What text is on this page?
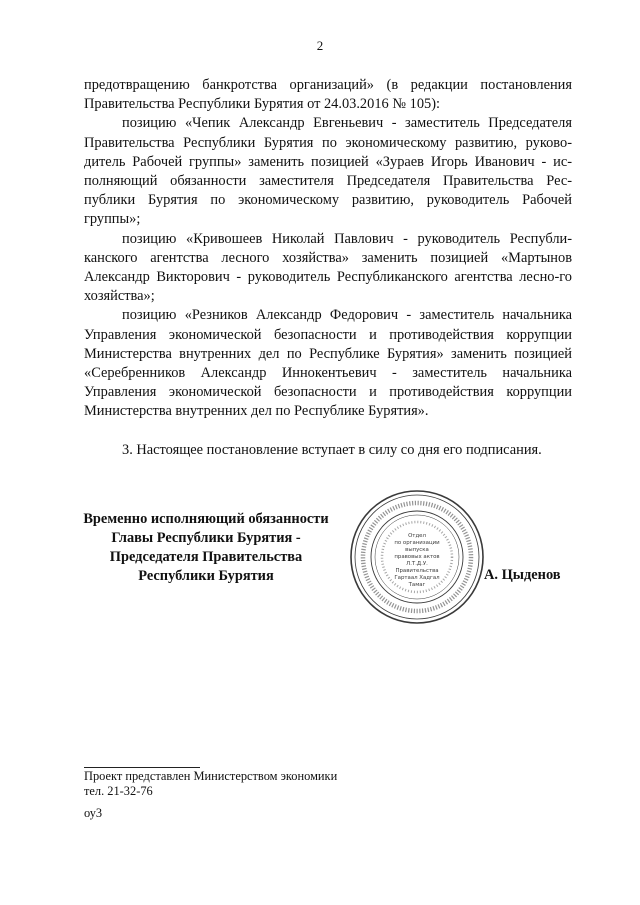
2

предотвращению банкротства организаций» (в редакции постановления Правительства Республики Бурятия от 24.03.2016 № 105):

позицию «Чепик Александр Евгеньевич - заместитель Председателя Правительства Республики Бурятия по экономическому развитию, руково-дитель Рабочей группы» заменить позицией «Зураев Игорь Иванович - ис-полняющий обязанности заместителя Председателя Правительства Рес-публики Бурятия по экономическому развитию, руководитель Рабочей группы»;

позицию «Кривошеев Николай Павлович - руководитель Республи-канского агентства лесного хозяйства» заменить позицией «Мартынов Александр Викторович - руководитель Республиканского агентства лесно-го хозяйства»;

позицию «Резников Александр Федорович - заместитель начальника Управления экономической безопасности и противодействия коррупции Министерства внутренних дел по Республике Бурятия» заменить позицией «Серебренников Александр Иннокентьевич - заместитель начальника Управления экономической безопасности и противодействия коррупции Министерства внутренних дел по Республике Бурятия».

3. Настоящее постановление вступает в силу со дня его подписания.

Временно исполняющий обязанности
Главы Республики Бурятия -
Председателя Правительства
Республики Бурятия
Отдел
по организации
выпуска
правовых актов
Л.Т.Д.У.
Правительства
Гартаал Хадгал
Тамаг
А. Цыденов
Проект представлен Министерством экономики
тел. 21-32-76
оу3
